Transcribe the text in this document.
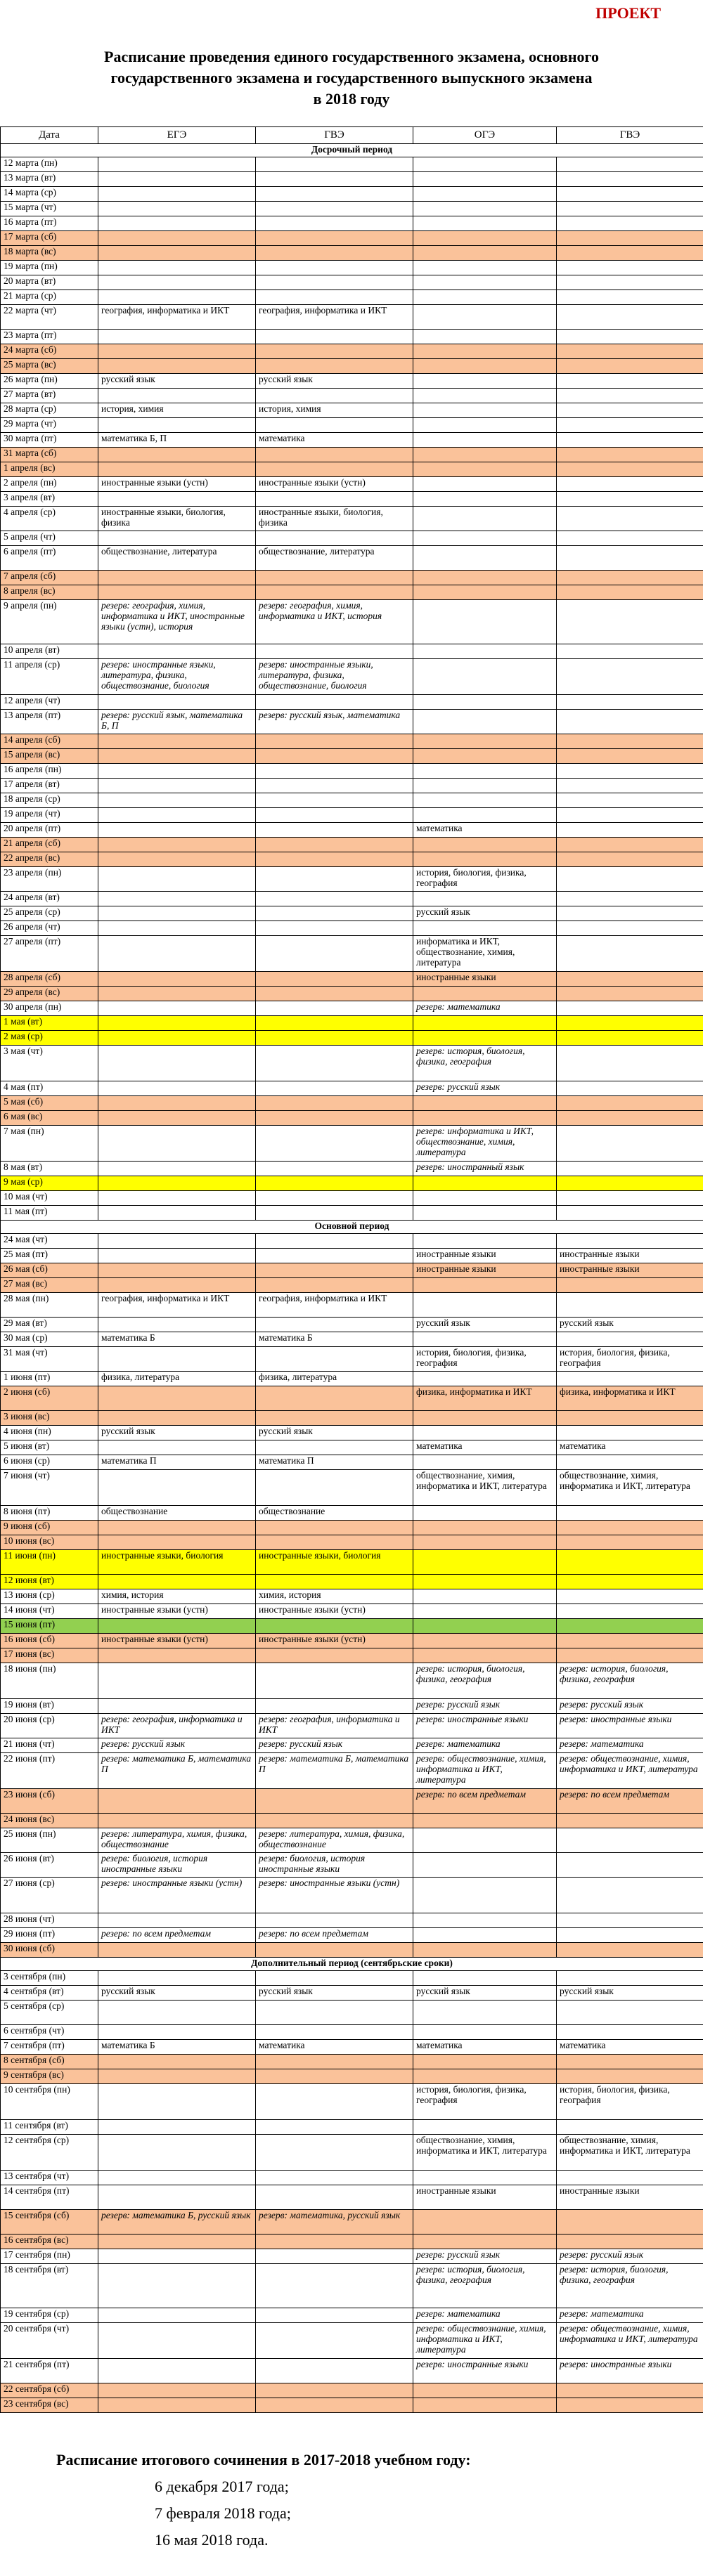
ПРОЕКТ
Расписание проведения единого государственного экзамена, основного
государственного экзамена и государственного выпускного экзамена
в 2018 году
Дата	ЕГЭ	ГВЭ	ОГЭ	ГВЭ
Досрочный период				
12 марта (пн)				
13 марта (вт)				
14 марта (ср)				
15 марта (чт)				
16 марта (пт)				
17 марта (сб)				
18 марта (вс)				
19 марта (пн)				
20 марта (вт)				
21 марта (ср)				
22 марта (чт)	география, информатика и ИКТ	география, информатика и ИКТ		
23 марта (пт)				
24 марта (сб)				
25 марта (вс)				
26 марта (пн)	русский язык	русский язык		
27 марта (вт)				
28 марта (ср)	история, химия	история, химия		
29 марта (чт)				
30 марта (пт)	математика Б, П	математика		
31 марта (сб)				
1 апреля (вс)				
2 апреля (пн)	иностранные языки (устн)	иностранные языки (устн)		
3 апреля (вт)				
4 апреля (ср)	иностранные языки, биология, физика	иностранные языки, биология, физика		
5 апреля (чт)				
6 апреля (пт)	обществознание, литература	обществознание, литература		
7 апреля (сб)				
8 апреля (вс)				
9 апреля (пн)	резерв: география, химия, информатика и ИКТ, иностранные языки (устн), история	резерв: география, химия, информатика и ИКТ, история		
10 апреля (вт)				
11 апреля (ср)	резерв: иностранные языки, литература, физика, обществознание, биология	резерв: иностранные языки, литература, физика, обществознание, биология		
12 апреля (чт)				
13 апреля (пт)	резерв: русский язык, математика Б, П	резерв: русский язык, математика		
14 апреля (сб)				
15 апреля (вс)				
16 апреля (пн)				
17 апреля (вт)				
18 апреля (ср)				
19 апреля (чт)				
20 апреля (пт)			математика	
21 апреля (сб)				
22 апреля (вс)				
23 апреля (пн)			история, биология, физика, география	
24 апреля (вт)				
25 апреля (ср)			русский язык	
26 апреля (чт)				
27 апреля (пт)			информатика и ИКТ, обществознание, химия, литература	
28 апреля (сб)			иностранные языки	
29 апреля (вс)				
30 апреля (пн)			резерв: математика	
1 мая (вт)				
2 мая (ср)				
3 мая (чт)			резерв: история, биология, физика, география	
4 мая (пт)			резерв: русский язык	
5 мая (сб)				
6 мая (вс)				
7 мая (пн)			резерв: информатика и ИКТ, обществознание, химия, литература	
8 мая (вт)			резерв: иностранный язык	
9 мая (ср)				
10 мая (чт)				
11 мая (пт)				
Основной период				
24 мая (чт)				
25 мая (пт)			иностранные языки	иностранные языки
26 мая (сб)			иностранные языки	иностранные языки
27 мая (вс)				
28 мая (пн)	география, информатика и ИКТ	география, информатика и ИКТ		
29 мая (вт)			русский язык	русский язык
30 мая (ср)	математика Б	математика Б		
31 мая (чт)			история, биология, физика, география	история, биология, физика, география
1 июня (пт)	физика, литература	физика, литература		
2 июня (сб)			физика, информатика и ИКТ	физика, информатика и ИКТ
3 июня (вс)				
4 июня (пн)	русский язык	русский язык		
5 июня (вт)			математика	математика
6 июня (ср)	математика П	математика П		
7 июня (чт)			обществознание, химия, информатика и ИКТ, литература	обществознание, химия, информатика и ИКТ, литература
8 июня (пт)	обществознание	обществознание		
9 июня (сб)				
10 июня (вс)				
11 июня (пн)	иностранные языки, биология	иностранные языки, биология		
12 июня (вт)				
13 июня (ср)	химия, история	химия, история		
14 июня (чт)	иностранные языки (устн)	иностранные языки (устн)		
15 июня (пт)				
16 июня (сб)	иностранные языки (устн)	иностранные языки (устн)		
17 июня (вс)				
18 июня (пн)			резерв: история, биология, физика, география	резерв: история, биология, физика, география
19 июня (вт)			резерв: русский язык	резерв: русский язык
20 июня (ср)	резерв: география, информатика и ИКТ	резерв: география, информатика и ИКТ	резерв: иностранные языки	резерв: иностранные языки
21 июня (чт)	резерв: русский язык	резерв: русский язык	резерв: математика	резерв: математика
22 июня (пт)	резерв: математика Б, математика П	резерв: математика Б, математика П	резерв: обществознание, химия, информатика и ИКТ, литература	резерв: обществознание, химия, информатика и ИКТ, литература
23 июня (сб)			резерв: по всем предметам	резерв: по всем предметам
24 июня (вс)				
25 июня (пн)	резерв: литература, химия, физика, обществознание	резерв: литература, химия, физика, обществознание		
26 июня (вт)	резерв: биология, история иностранные языки	резерв: биология, история иностранные языки		
27 июня (ср)	резерв: иностранные языки (устн)	резерв: иностранные языки (устн)		
28 июня (чт)				
29 июня (пт)	резерв: по всем предметам	резерв: по всем предметам		
30 июня (сб)				
Дополнительный период (сентябрьские сроки)				
3 сентября (пн)				
4 сентября (вт)	русский язык	русский язык	русский язык	русский язык
5 сентября (ср)				
6 сентября (чт)				
7 сентября (пт)	математика Б	математика	математика	математика
8 сентября (сб)				
9 сентября (вс)				
10 сентября (пн)			история, биология, физика, география	история, биология, физика, география
11 сентября (вт)				
12 сентября (ср)			обществознание, химия, информатика и ИКТ, литература	обществознание, химия, информатика и ИКТ, литература
13 сентября (чт)				
14 сентября (пт)			иностранные языки	иностранные языки
15 сентября (сб)	резерв: математика Б, русский язык	резерв: математика, русский язык		
16 сентября (вс)				
17 сентября (пн)			резерв: русский язык	резерв: русский язык
18 сентября (вт)			резерв: история, биология, физика, география	резерв: история, биология, физика, география
19 сентября (ср)			резерв: математика	резерв: математика
20 сентября (чт)			резерв: обществознание, химия, информатика и ИКТ, литература	резерв: обществознание, химия, информатика и ИКТ, литература
21 сентября (пт)			резерв: иностранные языки	резерв: иностранные языки
22 сентября (сб)				
23 сентября (вс)				
Расписание итогового сочинения в 2017-2018 учебном году:
6 декабря 2017 года;
7 февраля 2018 года;
16 мая 2018 года.
